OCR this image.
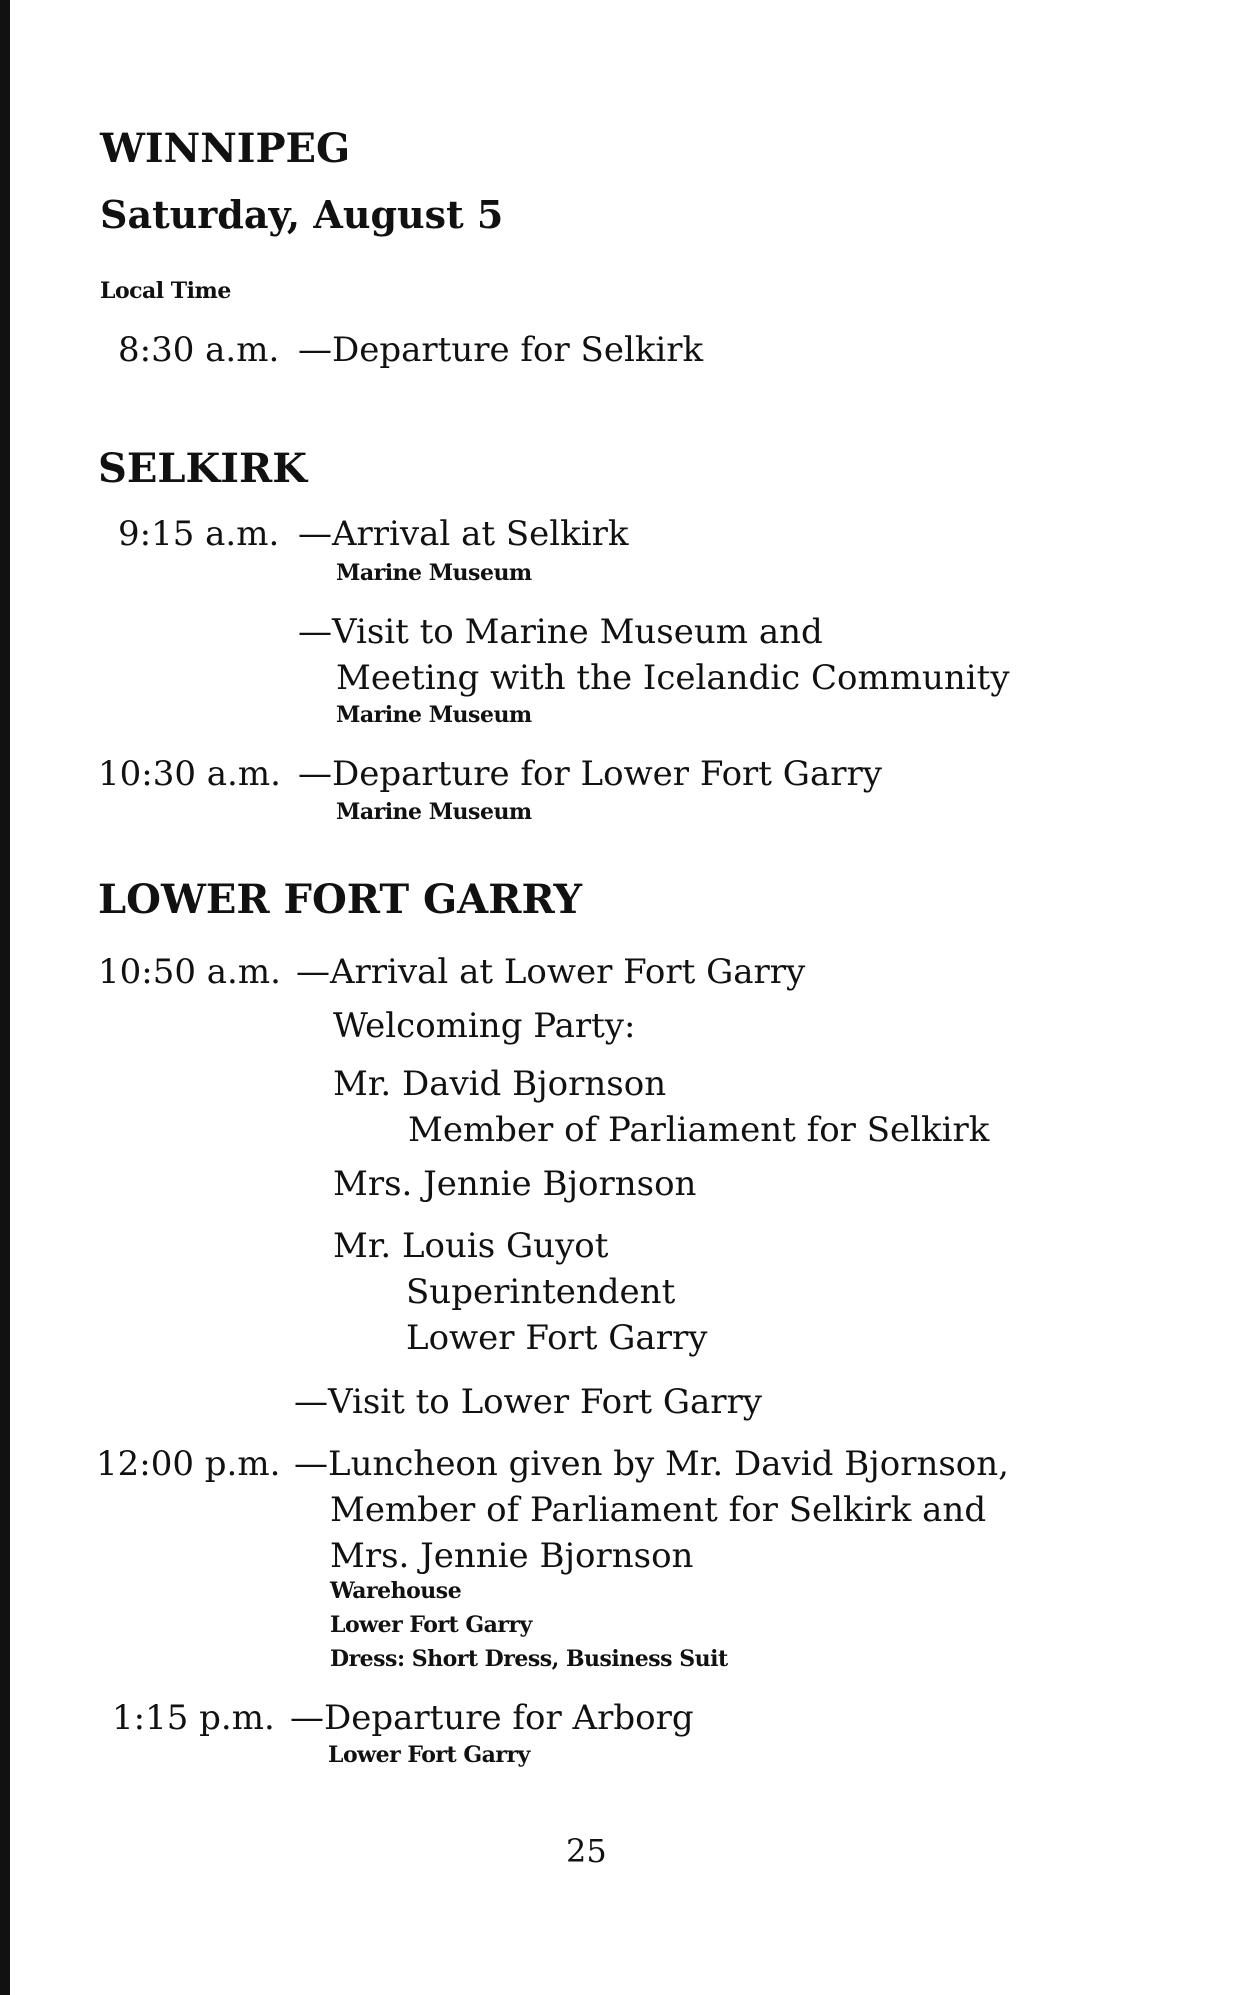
WINNIPEG
Saturday, August 5
Local Time
8:30 a.m. —Departure for Selkirk
SELKIRK
9:15 a.m. —Arrival at Selkirk
Marine Museum
—Visit to Marine Museum and
Meeting with the Icelandic Community
Marine Museum
10:30 a.m. —Departure for Lower Fort Garry
Marine Museum
LOWER FORT GARRY
10:50 a.m. —Arrival at Lower Fort Garry
Welcoming Party:
Mr. David Bjornson
Member of Parliament for Selkirk
Mrs. Jennie Bjornson
Mr. Louis Guyot
Superintendent
Lower Fort Garry
—Visit to Lower Fort Garry
12:00 p.m. —Luncheon given by Mr. David Bjornson,
Member of Parliament for Selkirk and
Mrs. Jennie Bjornson
Warehouse
Lower Fort Garry
Dress: Short Dress, Business Suit
1:15 p.m. —Departure for Arborg
Lower Fort Garry
25
